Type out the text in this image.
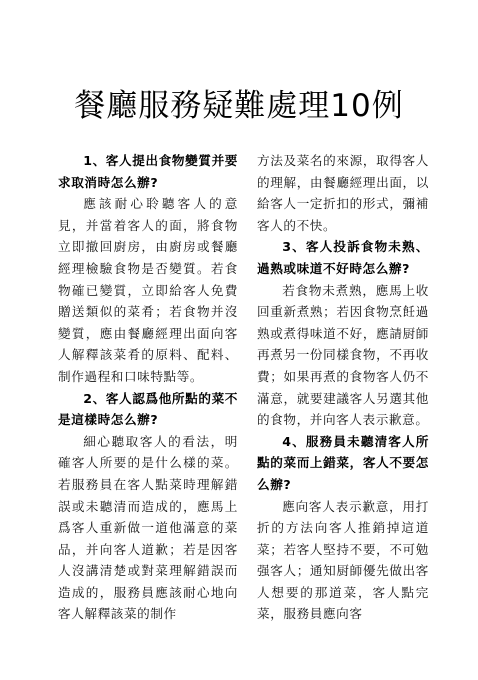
餐廳服務疑難處理10例

1、客人提出食物變質并要求取消時怎么辦?

應該耐心聆聽客人的意見，并當着客人的面，將食物立即撤回廚房，由廚房或餐廳經理檢驗食物是否變質。若食物確已變質，立即給客人免費贈送類似的菜肴；若食物并沒變質，應由餐廳經理出面向客人解釋該菜肴的原料、配料、制作過程和口味特點等。

2、客人認爲他所點的菜不是這樣時怎么辦?

細心聽取客人的看法，明確客人所要的是什么樣的菜。若服務員在客人點菜時理解錯誤或未聽清而造成的，應馬上爲客人重新做一道他滿意的菜品，并向客人道歉；若是因客人沒講清楚或對菜理解錯誤而造成的，服務員應該耐心地向客人解釋該菜的制作

方法及菜名的來源，取得客人的理解，由餐廳經理出面，以給客人一定折扣的形式，彌補客人的不快。

3、客人投訴食物未熟、過熟或味道不好時怎么辦?

若食物未煮熟，應馬上收回重新煮熟；若因食物烹飪過熟或煮得味道不好，應請厨師再煮另一份同樣食物，不再收費；如果再煮的食物客人仍不滿意，就要建議客人另選其他的食物，并向客人表示歉意。

4、服務員未聽清客人所點的菜而上錯菜，客人不要怎么辦?

應向客人表示歉意，用打折的方法向客人推銷掉這道菜；若客人堅持不要，不可勉强客人；通知厨師優先做出客人想要的那道菜，客人點完菜，服務員應向客
